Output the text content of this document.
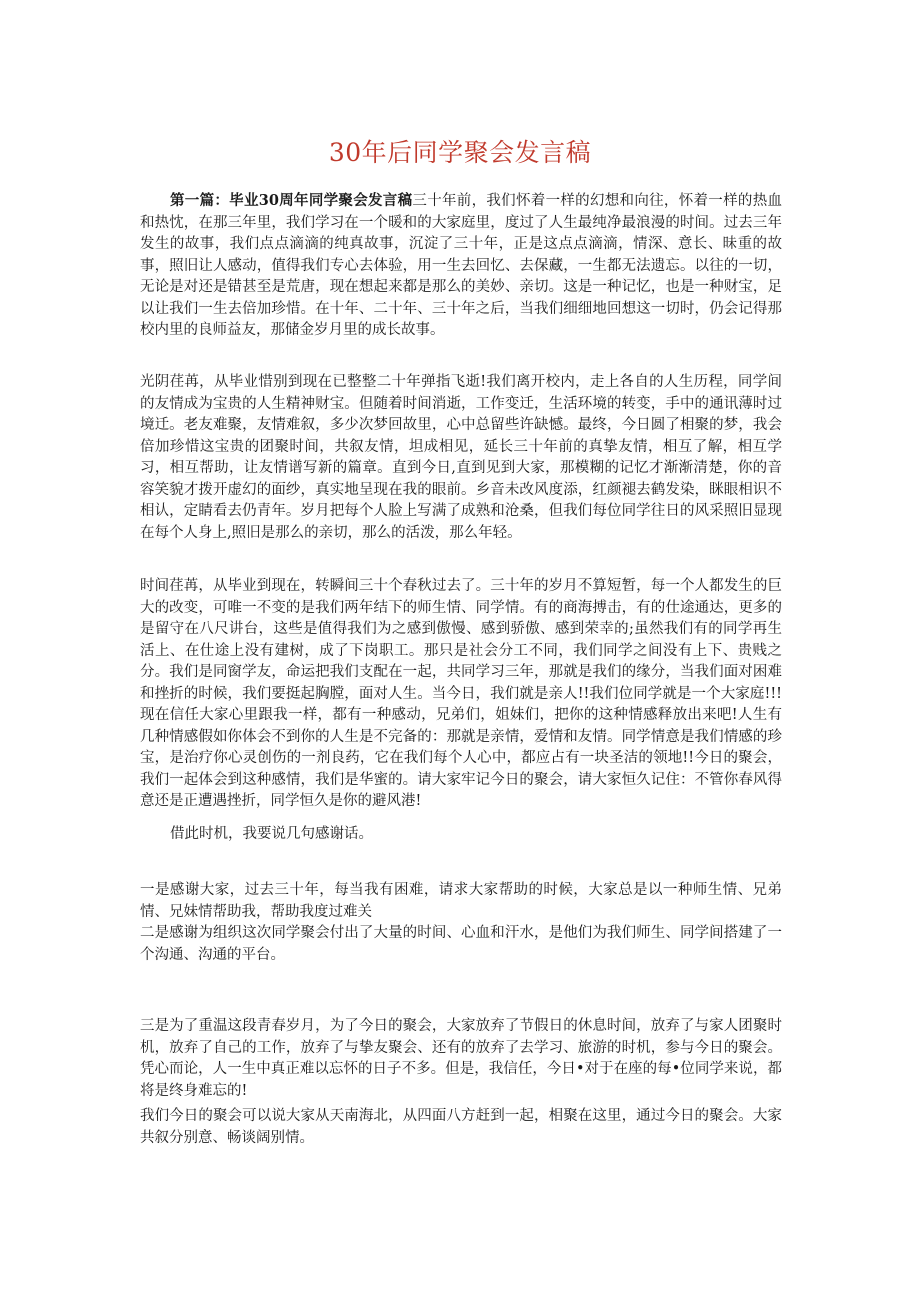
30年后同学聚会发言稿
第一篇：毕业30周年同学聚会发言稿三十年前，我们怀着一样的幻想和向往，怀着一样的热血和热忱，在那三年里，我们学习在一个暖和的大家庭里，度过了人生最纯净最浪漫的时间。过去三年发生的故事，我们点点滴滴的纯真故事，沉淀了三十年，正是这点点滴滴，情深、意长、昧重的故事，照旧让人感动，值得我们专心去体验，用一生去回忆、去保藏，一生都无法遗忘。以往的一切，无论是对还是错甚至是荒唐，现在想起来都是那么的美妙、亲切。这是一种记忆，也是一种财宝，足以让我们一生去倍加珍惜。在十年、二十年、三十年之后，当我们细细地回想这一切时，仍会记得那校内里的良师益友，那储金岁月里的成长故事。
光阴荏苒，从毕业惜别到现在已整整二十年弹指飞逝!我们离开校内，走上各自的人生历程，同学间的友情成为宝贵的人生精神财宝。但随着时间消逝，工作变迁，生活环境的转变，手中的通讯薄时过境迁。老友难聚，友情难叙，多少次梦回故里，心中总留些许缺憾。最终，今日圆了相聚的梦，我会倍加珍惜这宝贵的团聚时间，共叙友情，坦成相见，延长三十年前的真挚友情，相互了解，相互学习，相互帮助，让友情谱写新的篇章。直到今日,直到见到大家，那模糊的记忆才渐渐清楚，你的音容笑貌才拨开虚幻的面纱，真实地呈现在我的眼前。乡音未改风度添，红颜褪去鹤发染，眯眼相识不相认，定睛看去仍青年。岁月把每个人脸上写满了成熟和沧桑，但我们每位同学往日的风采照旧显现在每个人身上,照旧是那么的亲切，那么的活泼，那么年轻。
时间荏苒，从毕业到现在，转瞬间三十个春秋过去了。三十年的岁月不算短暂，每一个人都发生的巨大的改变，可唯一不变的是我们两年结下的师生情、同学情。有的商海搏击，有的仕途通达，更多的是留守在八尺讲台，这些是值得我们为之感到傲慢、感到骄傲、感到荣幸的;虽然我们有的同学再生活上、在仕途上没有建树，成了下岗职工。那只是社会分工不同，我们同学之间没有上下、贵贱之分。我们是同窗学友，命运把我们支配在一起，共同学习三年，那就是我们的缘分，当我们面对困难和挫折的时候，我们要挺起胸膛，面对人生。当今日，我们就是亲人!!我们位同学就是一个大家庭!!! 现在信任大家心里跟我一样，都有一种感动，兄弟们，姐妹们，把你的这种情感释放出来吧!人生有几种情感假如你体会不到你的人生是不完备的：那就是亲情，爱情和友情。同学情意是我们情感的珍宝，是治疗你心灵创伤的一剂良药，它在我们每个人心中，都应占有一块圣洁的领地!!今日的聚会，我们一起体会到这种感情，我们是华蜜的。请大家牢记今日的聚会，请大家恒久记住：不管你春风得意还是正遭遇挫折，同学恒久是你的避风港!
借此时机，我要说几句感谢话。
一是感谢大家，过去三十年，每当我有困难，请求大家帮助的时候，大家总是以一种师生情、兄弟情、兄妹情帮助我，帮助我度过难关
二是感谢为组织这次同学聚会付出了大量的时间、心血和汗水，是他们为我们师生、同学间搭建了一个沟通、沟通的平台。
三是为了重温这段青春岁月，为了今日的聚会，大家放弃了节假日的休息时间，放弃了与家人团聚时机，放弃了自己的工作，放弃了与挚友聚会、还有的放弃了去学习、旅游的时机，参与今日的聚会。凭心而论，人一生中真正难以忘怀的日子不多。但是，我信任，今日•对于在座的每•位同学来说，都将是终身难忘的!
我们今日的聚会可以说大家从天南海北，从四面八方赶到一起，相聚在这里，通过今日的聚会。大家共叙分别意、畅谈阔别情。
